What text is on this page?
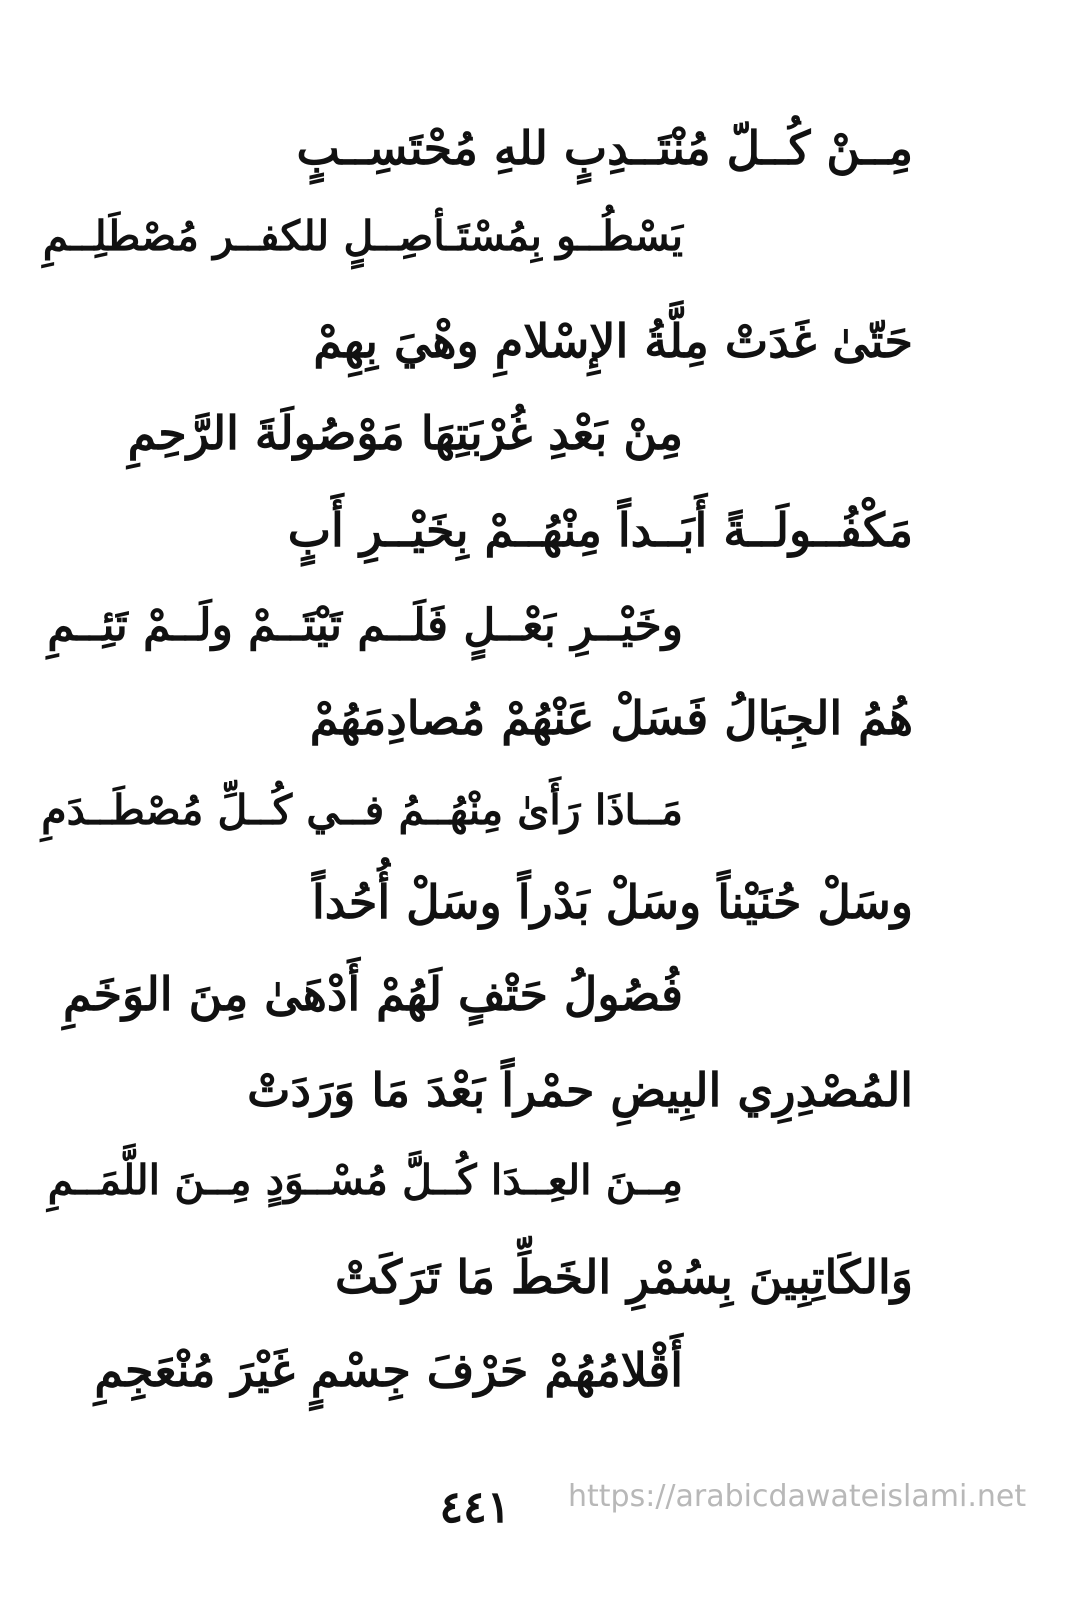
مِــنْ كُــلّ مُنْتَــدِبٍ للهِ مُحْتَسِــبٍ
يَسْطُــو بِمُسْتَـأصِــلٍ للكفــر مُصْطَلِــمِ
حَتّىٰ غَدَتْ مِلَّةُ الإِسْلامِ وهْيَ بِهِمْ
مِنْ بَعْدِ غُرْبَتِهَا مَوْصُولَةَ الرَّحِمِ
مَكْفُــولَــةً أَبَــداً مِنْهُــمْ بِخَيْــرِ أَبٍ
وخَيْــرِ بَعْــلٍ فَلَــم تَيْتَــمْ ولَــمْ تَئِــمِ
هُمُ الجِبَالُ فَسَلْ عَنْهُمْ مُصادِمَهُمْ
مَــاذَا رَأَىٰ مِنْهُــمُ فــي كُــلِّ مُصْطَــدَمِ
وسَلْ حُنَيْناً وسَلْ بَدْراً وسَلْ أُحُداً
فُصُولُ حَتْفٍ لَهُمْ أَدْهَىٰ مِنَ الوَخَمِ
المُصْدِرِي البِيضِ حمْراً بَعْدَ مَا وَرَدَتْ
مِــنَ العِــدَا كُــلَّ مُسْــوَدٍ مِــنَ اللَّمَــمِ
وَالكَاتِبِينَ بِسُمْرِ الخَطِّ مَا تَرَكَتْ
أَقْلامُهُمْ حَرْفَ جِسْمٍ غَيْرَ مُنْعَجِمِ
٤٤١	https://arabicdawateislami.net
